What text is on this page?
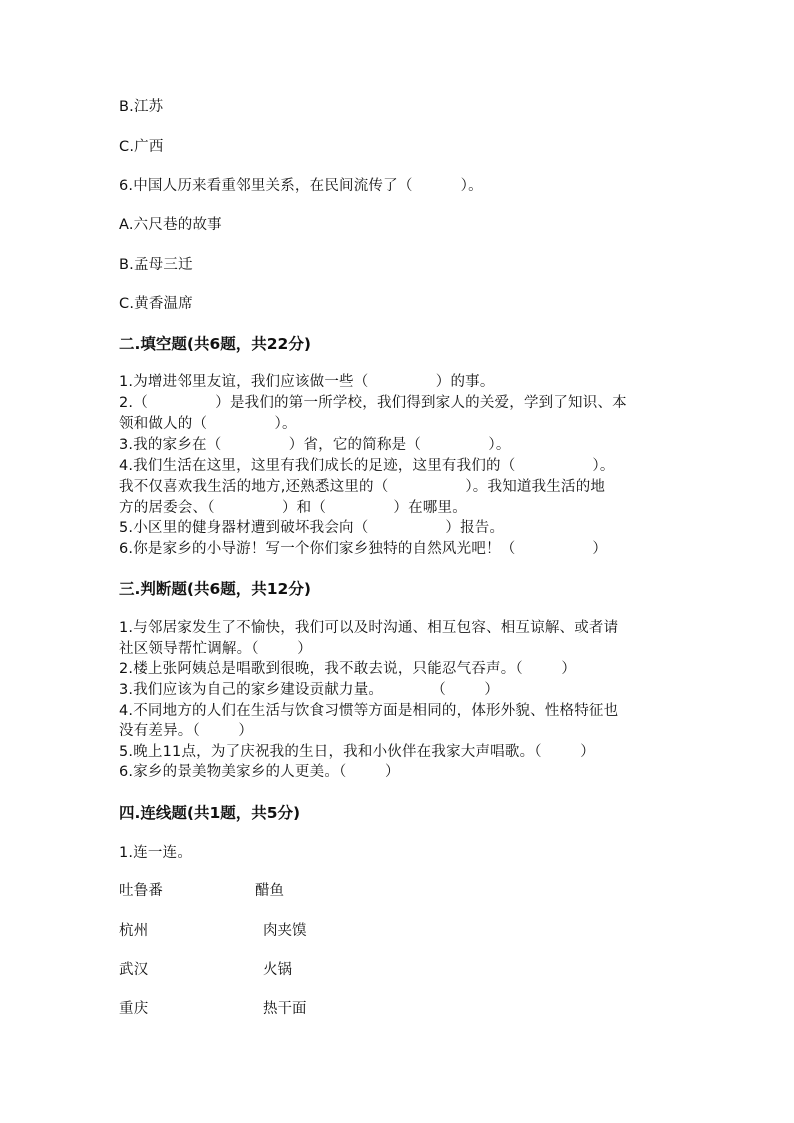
B.江苏
C.广西
6.中国人历来看重邻里关系，在民间流传了（          ）。
A.六尺巷的故事
B.孟母三迁
C.黄香温席
二.填空题(共6题，共22分)
1.为增进邻里友谊，我们应该做一些（              ）的事。
2.（              ）是我们的第一所学校，我们得到家人的关爱，学到了知识、本
领和做人的（              ）。
3.我的家乡在（              ）省，它的简称是（              ）。
4.我们生活在这里，这里有我们成长的足迹，这里有我们的（                ）。
我不仅喜欢我生活的地方,还熟悉这里的（                ）。我知道我生活的地
方的居委会、（              ）和（              ）在哪里。
5.小区里的健身器材遭到破坏我会向（                ）报告。
6.你是家乡的小导游！写一个你们家乡独特的自然风光吧！（                ）
三.判断题(共6题，共12分)
1.与邻居家发生了不愉快，我们可以及时沟通、相互包容、相互谅解、或者请
社区领导帮忙调解。（        ）
2.楼上张阿姨总是唱歌到很晚，我不敢去说，只能忍气吞声。（        ）
3.我们应该为自己的家乡建设贡献力量。          （        ）
4.不同地方的人们在生活与饮食习惯等方面是相同的，体形外貌、性格特征也
没有差异。（        ）
5.晚上11点，为了庆祝我的生日，我和小伙伴在我家大声唱歌。（        ）
6.家乡的景美物美家乡的人更美。（        ）
四.连线题(共1题，共5分)
1.连一连。
吐鲁番	醋鱼
杭州	肉夹馍
武汉	火锅
重庆	热干面
